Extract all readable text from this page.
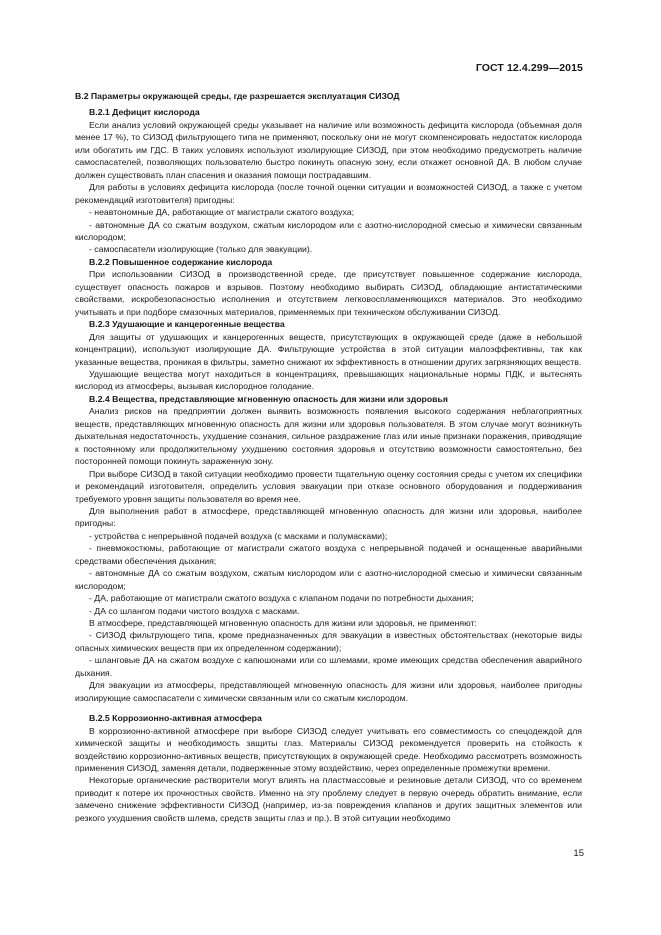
ГОСТ 12.4.299—2015

В.2 Параметры окружающей среды, где разрешается эксплуатация СИЗОД

В.2.1 Дефицит кислорода

Если анализ условий окружающей среды указывает на наличие или возможность дефицита кислорода (объемная доля менее 17 %), то СИЗОД фильтрующего типа не применяют, поскольку они не могут скомпенсировать недостаток кислорода или обогатить им ГДС. В таких условиях используют изолирующие СИЗОД, при этом необходимо предусмотреть наличие самоспасателей, позволяющих пользователю быстро покинуть опасную зону, если откажет основной ДА. В любом случае должен существовать план спасения и оказания помощи пострадавшим.

Для работы в условиях дефицита кислорода (после точной оценки ситуации и возможностей СИЗОД, а также с учетом рекомендаций изготовителя) пригодны:

- неавтономные ДА, работающие от магистрали сжатого воздуха;

- автономные ДА со сжатым воздухом, сжатым кислородом или с азотно-кислородной смесью и химически связанным кислородом;

- самоспасатели изолирующие (только для эвакуации).

В.2.2 Повышенное содержание кислорода

При использовании СИЗОД в производственной среде, где присутствует повышенное содержание кислорода, существует опасность пожаров и взрывов. Поэтому необходимо выбирать СИЗОД, обладающие антистатическими свойствами, искробезопасностью исполнения и отсутствием легковоспламеняющихся материалов. Это необходимо учитывать и при подборе смазочных материалов, применяемых при техническом обслуживании СИЗОД.

В.2.3 Удушающие и канцерогенные вещества

Для защиты от удушающих и канцерогенных веществ, присутствующих в окружающей среде (даже в небольшой концентрации), используют изолирующие ДА. Фильтрующие устройства в этой ситуации малоэффективны, так как указанные вещества, проникая в фильтры, заметно снижают их эффективность в отношении других загрязняющих веществ.

Удушающие вещества могут находиться в концентрациях, превышающих национальные нормы ПДК, и вытеснять кислород из атмосферы, вызывая кислородное голодание.

В.2.4 Вещества, представляющие мгновенную опасность для жизни или здоровья

Анализ рисков на предприятии должен выявить возможность появления высокого содержания неблагоприятных веществ, представляющих мгновенную опасность для жизни или здоровья пользователя. В этом случае могут возникнуть дыхательная недостаточность, ухудшение сознания, сильное раздражение глаз или иные признаки поражения, приводящие к постоянному или продолжительному ухудшению состояния здоровья и отсутствию возможности самостоятельно, без посторонней помощи покинуть зараженную зону.

При выборе СИЗОД в такой ситуации необходимо провести тщательную оценку состояния среды с учетом их специфики и рекомендаций изготовителя, определить условия эвакуации при отказе основного оборудования и поддерживания требуемого уровня защиты пользователя во время нее.

Для выполнения работ в атмосфере, представляющей мгновенную опасность для жизни или здоровья, наиболее пригодны:

- устройства с непрерывной подачей воздуха (с масками и полумасками);

- пневмокостюмы, работающие от магистрали сжатого воздуха с непрерывной подачей и оснащенные аварийными средствами обеспечения дыхания;

- автономные ДА со сжатым воздухом, сжатым кислородом или с азотно-кислородной смесью и химически связанным кислородом;

- ДА, работающие от магистрали сжатого воздуха с клапаном подачи по потребности дыхания;

- ДА со шлангом подачи чистого воздуха с масками.

В атмосфере, представляющей мгновенную опасность для жизни или здоровья, не применяют:

- СИЗОД фильтрующего типа, кроме предназначенных для эвакуации в известных обстоятельствах (некоторые виды опасных химических веществ при их определенном содержании);

- шланговые ДА на сжатом воздухе с капюшонами или со шлемами, кроме имеющих средства обеспечения аварийного дыхания.

Для эвакуации из атмосферы, представляющей мгновенную опасность для жизни или здоровья, наиболее пригодны изолирующие самоспасатели с химически связанным или со сжатым кислородом.

В.2.5 Коррозионно-активная атмосфера

В коррозионно-активной атмосфере при выборе СИЗОД следует учитывать его совместимость со спецодеждой для химической защиты и необходимость защиты глаз. Материалы СИЗОД рекомендуется проверить на стойкость к воздействию коррозионно-активных веществ, присутствующих в окружающей среде. Необходимо рассмотреть возможность применения СИЗОД, заменяя детали, подверженные этому воздействию, через определенные промежутки времени.

Некоторые органические растворители могут влиять на пластмассовые и резиновые детали СИЗОД, что со временем приводит к потере их прочностных свойств. Именно на эту проблему следует в первую очередь обратить внимание, если замечено снижение эффективности СИЗОД (например, из-за повреждения клапанов и других защитных элементов или резкого ухудшения свойств шлема, средств защиты глаз и пр.). В этой ситуации необходимо

15
